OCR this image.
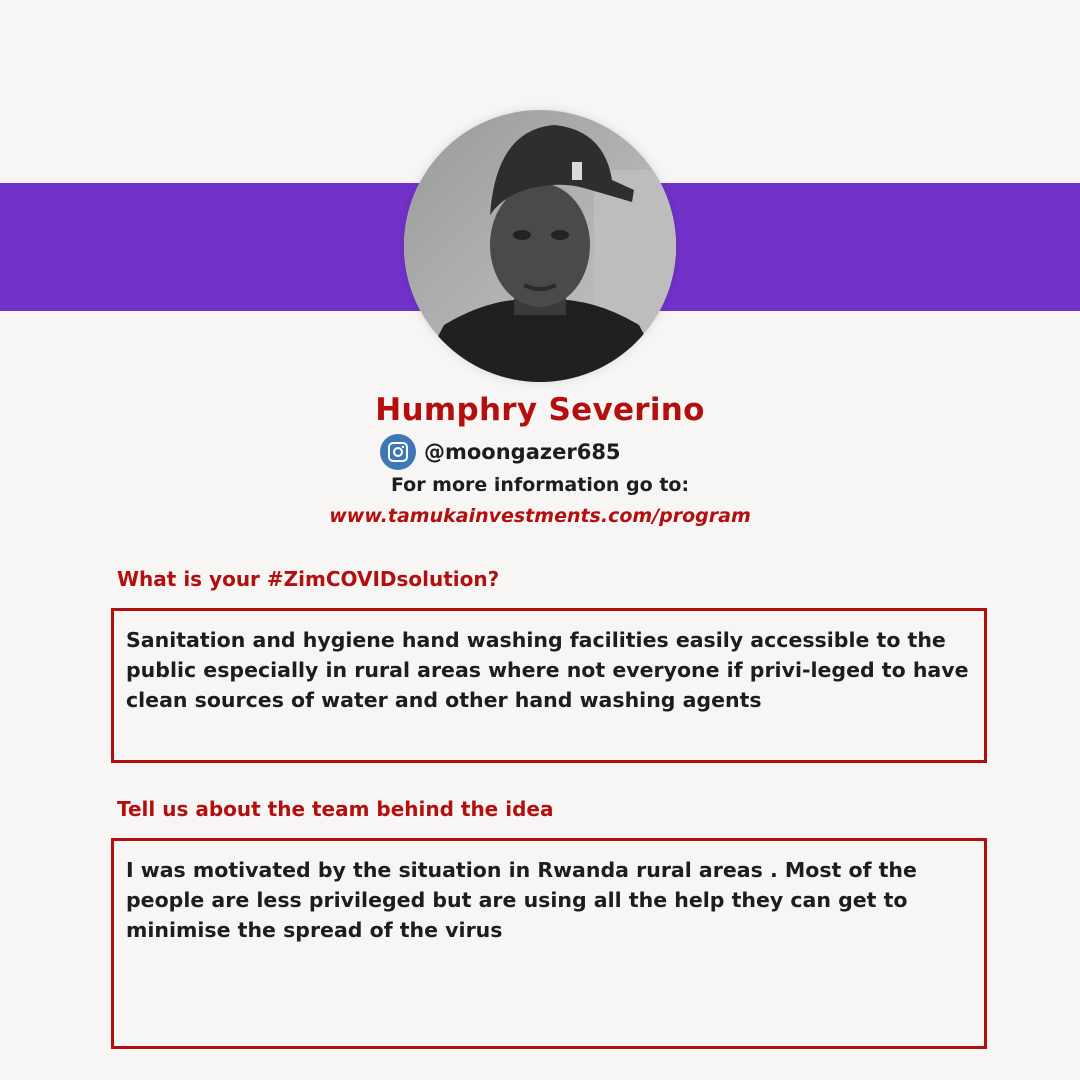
Humphry Severino
@moongazer685
For more information go to:
www.tamukainvestments.com/program
What is your #ZimCOVIDsolution?

Sanitation and hygiene hand washing facilities easily accessible to the public especially in rural areas where not everyone if privi-leged to have clean sources of water and other hand washing agents

Tell us about the team behind the idea

I was motivated by the situation in Rwanda rural areas . Most of the people are less privileged but are using all the help they can get to minimise the spread of the virus
